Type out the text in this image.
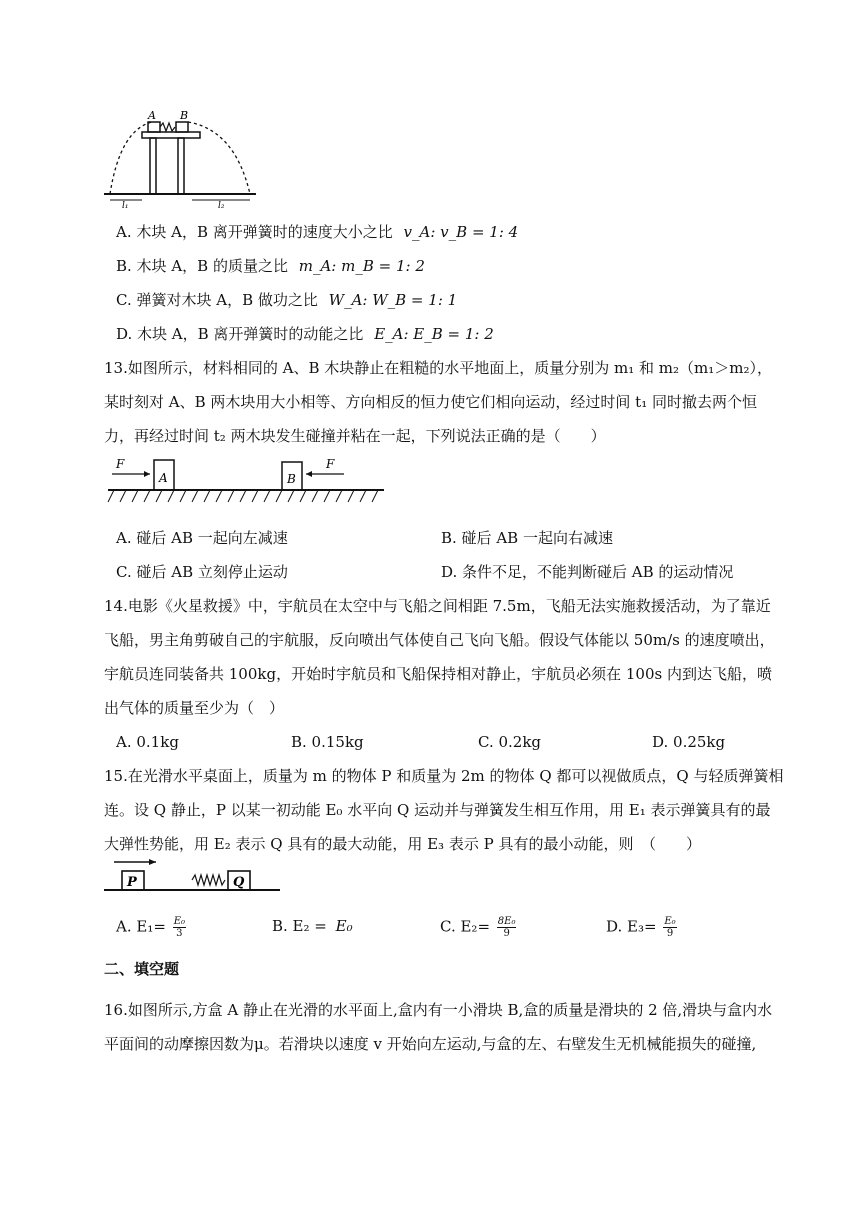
A B
l₁	l₂
A. 木块 A，B 离开弹簧时的速度大小之比 v_A: v_B = 1: 4
B. 木块 A，B 的质量之比 m_A: m_B = 1: 2
C. 弹簧对木块 A，B 做功之比 W_A: W_B = 1: 1
D. 木块 A，B 离开弹簧时的动能之比 E_A: E_B = 1: 2
13.如图所示，材料相同的 A、B 木块静止在粗糙的水平地面上，质量分别为 m₁ 和 m₂（m₁＞m₂），
某时刻对 A、B 两木块用大小相等、方向相反的恒力使它们相向运动，经过时间 t₁ 同时撤去两个恒
力，再经过时间 t₂ 两木块发生碰撞并粘在一起，下列说法正确的是（　　）
F	F
A	B
A. 碰后 AB 一起向左减速	B. 碰后 AB 一起向右减速
C. 碰后 AB 立刻停止运动	D. 条件不足，不能判断碰后 AB 的运动情况
14.电影《火星救援》中，宇航员在太空中与飞船之间相距 7.5m，飞船无法实施救援活动，为了靠近
飞船，男主角剪破自己的宇航服，反向喷出气体使自己飞向飞船。假设气体能以 50m/s 的速度喷出，
宇航员连同装备共 100kg，开始时宇航员和飞船保持相对静止，宇航员必须在 100s 内到达飞船，喷
出气体的质量至少为（　）
A. 0.1kg	B. 0.15kg	C. 0.2kg	D. 0.25kg
15.在光滑水平桌面上，质量为 m 的物体 P 和质量为 2m 的物体 Q 都可以视做质点，Q 与轻质弹簧相
连。设 Q 静止，P 以某一初动能 E₀ 水平向 Q 运动并与弹簧发生相互作用，用 E₁ 表示弹簧具有的最
大弹性势能，用 E₂ 表示 Q 具有的最大动能，用 E₃ 表示 P 具有的最小动能，则　（　　）
P	Q
A. $E_1= \frac{\text{E₀}}{3}$	B. E₂ = E₀	C. $E_2= \frac{\text{8E₀}}{9}$	D. $E_3= \frac{\text{E₀}}{9}$
二、填空题
16.如图所示,方盒 A 静止在光滑的水平面上,盒内有一小滑块 B,盒的质量是滑块的 2 倍,滑块与盒内水
平面间的动摩擦因数为μ。若滑块以速度 v 开始向左运动,与盒的左、右壁发生无机械能损失的碰撞,
